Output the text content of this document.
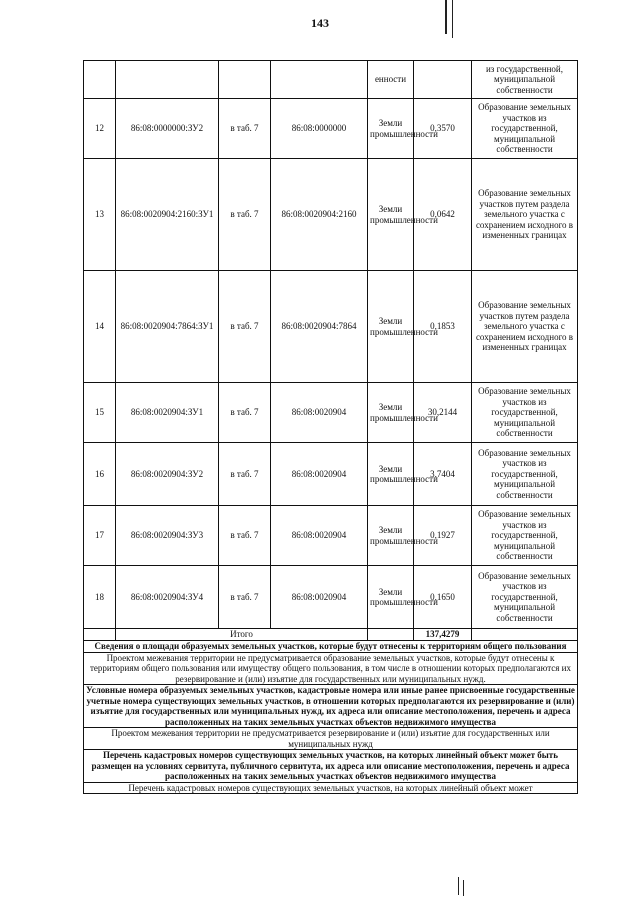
143
				енности		из государственной, муниципальной собственности
12	86:08:0000000:ЗУ2	в таб. 7	86:08:0000000	Земли промышленности	0,3570	Образование земельных участков из государственной, муниципальной собственности
13	86:08:0020904:2160:ЗУ1	в таб. 7	86:08:0020904:2160	Земли промышленности	0,0642	Образование земельных участков путем раздела земельного участка с сохранением исходного в измененных границах
14	86:08:0020904:7864:ЗУ1	в таб. 7	86:08:0020904:7864	Земли промышленности	0,1853	Образование земельных участков путем раздела земельного участка с сохранением исходного в измененных границах
15	86:08:0020904:ЗУ1	в таб. 7	86:08:0020904	Земли промышленности	30,2144	Образование земельных участков из государственной, муниципальной собственности
16	86:08:0020904:ЗУ2	в таб. 7	86:08:0020904	Земли промышленности	3,7404	Образование земельных участков из государственной, муниципальной собственности
17	86:08:0020904:ЗУ3	в таб. 7	86:08:0020904	Земли промышленности	0,1927	Образование земельных участков из государственной, муниципальной собственности
18	86:08:0020904:ЗУ4	в таб. 7	86:08:0020904	Земли промышленности	0,1650	Образование земельных участков из государственной, муниципальной собственности
	Итого				137,4279	
Сведения о площади образуемых земельных участков, которые будут отнесены к территориям общего пользования						
Проектом межевания территории не предусматривается образование земельных участков, которые будут отнесены к территориям общего пользования или имуществу общего пользования, в том числе в отношении которых предполагаются их резервирование и (или) изъятие для государственных или муниципальных нужд.						
Условные номера образуемых земельных участков, кадастровые номера или иные ранее присвоенные государственные учетные номера существующих земельных участков, в отношении которых предполагаются их резервирование и (или) изъятие для государственных или муниципальных нужд, их адреса или описание местоположения, перечень и адреса расположенных на таких земельных участках объектов недвижимого имущества						
Проектом межевания территории не предусматривается резервирование и (или) изъятие для государственных или муниципальных нужд						
Перечень кадастровых номеров существующих земельных участков, на которых линейный объект может быть размещен на условиях сервитута, публичного сервитута, их адреса или описание местоположения, перечень и адреса расположенных на таких земельных участках объектов недвижимого имущества						
Перечень кадастровых номеров существующих земельных участков, на которых линейный объект может						
